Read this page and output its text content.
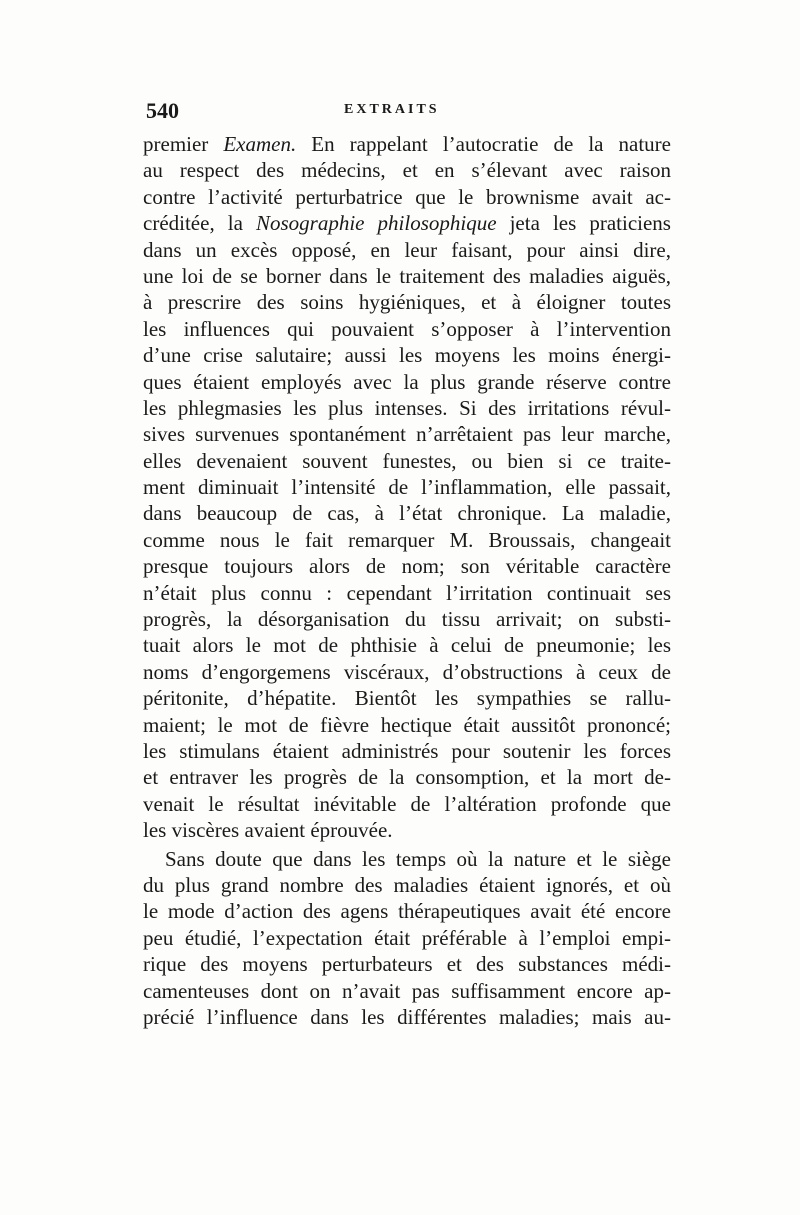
540	EXTRAITS
premier Examen. En rappelant l’autocratie de la nature
au respect des médecins, et en s’élevant avec raison
contre l’activité perturbatrice que le brownisme avait ac-
créditée, la Nosographie philosophique jeta les praticiens
dans un excès opposé, en leur faisant, pour ainsi dire,
une loi de se borner dans le traitement des maladies aiguës,
à prescrire des soins hygiéniques, et à éloigner toutes
les influences qui pouvaient s’opposer à l’intervention
d’une crise salutaire; aussi les moyens les moins énergi-
ques étaient employés avec la plus grande réserve contre
les phlegmasies les plus intenses. Si des irritations révul-
sives survenues spontanément n’arrêtaient pas leur marche,
elles devenaient souvent funestes, ou bien si ce traite-
ment diminuait l’intensité de l’inflammation, elle passait,
dans beaucoup de cas, à l’état chronique. La maladie,
comme nous le fait remarquer M. Broussais, changeait
presque toujours alors de nom; son véritable caractère
n’était plus connu : cependant l’irritation continuait ses
progrès, la désorganisation du tissu arrivait; on substi-
tuait alors le mot de phthisie à celui de pneumonie; les
noms d’engorgemens viscéraux, d’obstructions à ceux de
péritonite, d’hépatite. Bientôt les sympathies se rallu-
maient; le mot de fièvre hectique était aussitôt prononcé;
les stimulans étaient administrés pour soutenir les forces
et entraver les progrès de la consomption, et la mort de-
venait le résultat inévitable de l’altération profonde que
les viscères avaient éprouvée.
Sans doute que dans les temps où la nature et le siège
du plus grand nombre des maladies étaient ignorés, et où
le mode d’action des agens thérapeutiques avait été encore
peu étudié, l’expectation était préférable à l’emploi empi-
rique des moyens perturbateurs et des substances médi-
camenteuses dont on n’avait pas suffisamment encore ap-
précié l’influence dans les différentes maladies; mais au-
